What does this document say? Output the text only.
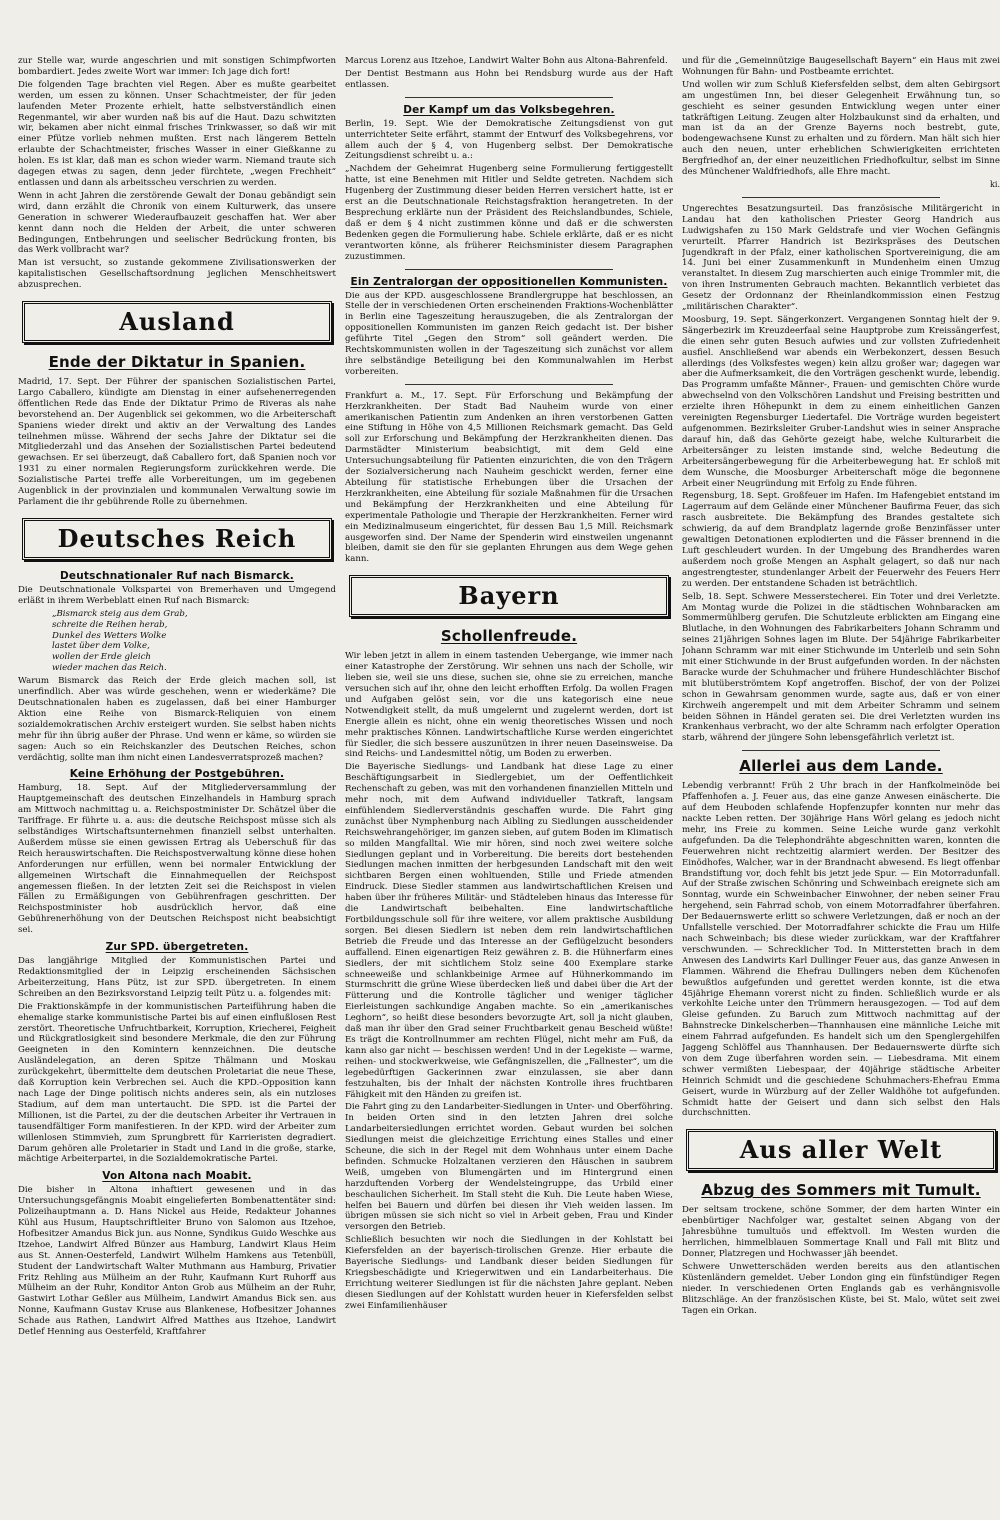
zur Stelle war, wurde angeschrien und mit sonstigen Schimpfworten bombardiert. Jedes zweite Wort war immer: Ich jage dich fort!

Die folgenden Tage brachten viel Regen. Aber es mußte gearbeitet werden, um essen zu können. Unser Schachtmeister, der für jeden laufenden Meter Prozente erhielt, hatte selbstverständlich einen Regenmantel, wir aber wurden naß bis auf die Haut. Dazu schwitzten wir, bekamen aber nicht einmal frisches Trinkwasser, so daß wir mit einer Pfütze vorlieb nehmen mußten. Erst nach längerem Betteln erlaubte der Schachtmeister, frisches Wasser in einer Gießkanne zu holen. Es ist klar, daß man es schon wieder warm. Niemand traute sich dagegen etwas zu sagen, denn jeder fürchtete, „wegen Frechheit“ entlassen und dann als arbeitsscheu verschrien zu werden.

Wenn in acht Jahren die zerstörende Gewalt der Donau gebändigt sein wird, dann erzählt die Chronik von einem Kulturwerk, das unsere Generation in schwerer Wiederaufbauzeit geschaffen hat. Wer aber kennt dann noch die Helden der Arbeit, die unter schweren Bedingungen, Entbehrungen und seelischer Bedrückung fronten, bis das Werk vollbracht war?

Man ist versucht, so zustande gekommene Zivilisationswerken der kapitalistischen Gesellschaftsordnung jeglichen Menschheitswert abzusprechen.

Ausland
Ende der Diktatur in Spanien.

Madrid, 17. Sept. Der Führer der spanischen Sozialistischen Partei, Largo Caballero, kündigte am Dienstag in einer aufsehenerregenden öffentlichen Rede das Ende der Diktatur Primo de Riveras als nahe bevorstehend an. Der Augenblick sei gekommen, wo die Arbeiterschaft Spaniens wieder direkt und aktiv an der Verwaltung des Landes teilnehmen müsse. Während der sechs Jahre der Diktatur sei die Mitgliederzahl und das Ansehen der Sozialistischen Partei bedeutend gewachsen. Er sei überzeugt, daß Caballero fort, daß Spanien noch vor 1931 zu einer normalen Regierungsform zurückkehren werde. Die Sozialistische Partei treffe alle Vorbereitungen, um im gegebenen Augenblick in der provinzialen und kommunalen Verwaltung sowie im Parlament die ihr gebührende Rolle zu übernehmen.

Deutsches Reich
Deutschnationaler Ruf nach Bismarck.

Die Deutschnationale Volkspartei von Bremerhaven und Umgegend erläßt in ihrem Werbeblatt einen Ruf nach Bismarck:

„Bismarck steig aus dem Grab,
schreite die Reihen herab,
Dunkel des Wetters Wolke
lastet über dem Volke,
wollen der Erde gleich
wieder machen das Reich.

Warum Bismarck das Reich der Erde gleich machen soll, ist unerfindlich. Aber was würde geschehen, wenn er wiederkäme? Die Deutschnationalen haben es zugelassen, daß bei einer Hamburger Aktion eine Reihe von Bismarck-Reliquien von einem sozialdemokratischen Archiv ersteigert wurden. Sie selbst haben nichts mehr für ihn übrig außer der Phrase. Und wenn er käme, so würden sie sagen: Auch so ein Reichskanzler des Deutschen Reiches, schon verdächtig, sollte man ihm nicht einen Landesverratsprozeß machen?

Keine Erhöhung der Postgebühren.

Hamburg, 18. Sept. Auf der Mitgliederversammlung der Hauptgemeinschaft des deutschen Einzelhandels in Hamburg sprach am Mittwoch nachmittag u. a. Reichspostminister Dr. Schätzel über die Tariffrage. Er führte u. a. aus: die deutsche Reichspost müsse sich als selbständiges Wirtschaftsunternehmen finanziell selbst unterhalten. Außerdem müsse sie einen gewissen Ertrag als Ueberschuß für das Reich herauswirtschaften. Die Reichspostverwaltung könne diese hohen Anforderungen nur erfüllen, wenn bei normaler Entwicklung der allgemeinen Wirtschaft die Einnahmequellen der Reichspost angemessen fließen. In der letzten Zeit sei die Reichspost in vielen Fällen zu Ermäßigungen von Gebührenfragen geschritten. Der Reichspostminister hob ausdrücklich hervor, daß eine Gebührenerhöhung von der Deutschen Reichspost nicht beabsichtigt sei.

Zur SPD. übergetreten.

Das langjährige Mitglied der Kommunistischen Partei und Redaktionsmitglied der in Leipzig erscheinenden Sächsischen Arbeiterzeitung, Hans Pütz, ist zur SPD. übergetreten. In einem Schreiben an den Bezirksvorstand Leipzig teilt Pütz u. a. folgendes mit:

Die Fraktionskämpfe in der kommunistischen Parteiführung haben die ehemalige starke kommunistische Partei bis auf einen einflußlosen Rest zerstört. Theoretische Unfruchtbarkeit, Korruption, Kriecherei, Feigheit und Rückgratlosigkeit sind besondere Merkmale, die den zur Führung Geeigneten in den Komintern kennzeichnen. Die deutsche Ausländelegation, an deren Spitze Thälmann und Moskau zurückgekehrt, übermittelte dem deutschen Proletariat die neue These, daß Korruption kein Verbrechen sei. Auch die KPD.-Opposition kann nach Lage der Dinge politisch nichts anderes sein, als ein nutzloses Stadium, auf dem man untertaucht. Die SPD. ist die Partei der Millionen, ist die Partei, zu der die deutschen Arbeiter ihr Vertrauen in tausendfältiger Form manifestieren. In der KPD. wird der Arbeiter zum willenlosen Stimmvieh, zum Sprungbrett für Karrieristen degradiert. Darum gehören alle Proletarier in Stadt und Land in die große, starke, mächtige Arbeiterpartei, in die Sozialdemokratische Partei.

Von Altona nach Moabit.

Die bisher in Altona inhaftiert gewesenen und in das Untersuchungsgefängnis Moabit eingelieferten Bombenattentäter sind: Polizeihauptmann a. D. Hans Nickel aus Heide, Redakteur Johannes Kühl aus Husum, Hauptschriftleiter Bruno von Salomon aus Itzehoe, Hofbesitzer Amandus Bick jun. aus Nonne, Syndikus Guido Weschke aus Itzehoe, Landwirt Alfred Bünzer aus Hamburg, Landwirt Klaus Heim aus St. Annen-Oesterfeld, Landwirt Wilhelm Hamkens aus Tetenbüll, Student der Landwirtschaft Walter Muthmann aus Hamburg, Privatier Fritz Rehling aus Mülheim an der Ruhr, Kaufmann Kurt Ruhorff aus Mülheim an der Ruhr, Konditor Anton Grob aus Mülheim an der Ruhr, Gastwirt Lothar Geßler aus Mülheim, Landwirt Amandus Bick sen. aus Nonne, Kaufmann Gustav Kruse aus Blankenese, Hofbesitzer Johannes Schade aus Rathen, Landwirt Alfred Matthes aus Itzehoe, Landwirt Detlef Henning aus Oesterfeld, Kraftfahrer

Marcus Lorenz aus Itzehoe, Landwirt Walter Bohn aus Altona-Bahrenfeld.

Der Dentist Bestmann aus Hohn bei Rendsburg wurde aus der Haft entlassen.

Der Kampf um das Volksbegehren.

Berlin, 19. Sept. Wie der Demokratische Zeitungsdienst von gut unterrichteter Seite erfährt, stammt der Entwurf des Volksbegehrens, vor allem auch der § 4, von Hugenberg selbst. Der Demokratische Zeitungsdienst schreibt u. a.:

„Nachdem der Geheimrat Hugenberg seine Formulierung fertiggestellt hatte, ist eine Benehmen mit Hitler und Seldte getreten. Nachdem sich Hugenberg der Zustimmung dieser beiden Herren versichert hatte, ist er erst an die Deutschnationale Reichstagsfraktion herangetreten. In der Besprechung erklärte nun der Präsident des Reichslandbundes, Schiele, daß er dem § 4 nicht zustimmen könne und daß er die schwersten Bedenken gegen die Formulierung habe. Schiele erklärte, daß er es nicht verantworten könne, als früherer Reichsminister diesem Paragraphen zuzustimmen.

Ein Zentralorgan der oppositionellen Kommunisten.

Die aus der KPD. ausgeschlossene Brandlergruppe hat beschlossen, an Stelle der in verschiedenen Orten erscheinenden Fraktions-Wochenblätter in Berlin eine Tageszeitung herauszugeben, die als Zentralorgan der oppositionellen Kommunisten im ganzen Reich gedacht ist. Der bisher geführte Titel „Gegen den Strom“ soll geändert werden. Die Rechtskommunisten wollen in der Tageszeitung sich zunächst vor allem ihre selbständige Beteiligung bei den Kommunalwahlen im Herbst vorbereiten.

Frankfurt a. M., 17. Sept. Für Erforschung und Bekämpfung der Herzkrankheiten. Der Stadt Bad Nauheim wurde von einer amerikanischen Patientin zum Andenken an ihren verstorbenen Gatten eine Stiftung in Höhe von 4,5 Millionen Reichsmark gemacht. Das Geld soll zur Erforschung und Bekämpfung der Herzkrankheiten dienen. Das Darmstädter Ministerium beabsichtigt, mit dem Geld eine Untersuchungsabteilung für Patienten einzurichten, die von den Trägern der Sozialversicherung nach Nauheim geschickt werden, ferner eine Abteilung für statistische Erhebungen über die Ursachen der Herzkrankheiten, eine Abteilung für soziale Maßnahmen für die Ursachen und Bekämpfung der Herzkrankheiten und eine Abteilung für experimentale Pathologie und Therapie der Herzkrankheiten. Ferner wird ein Medizinalmuseum eingerichtet, für dessen Bau 1,5 Mill. Reichsmark ausgeworfen sind. Der Name der Spenderin wird einstweilen ungenannt bleiben, damit sie den für sie geplanten Ehrungen aus dem Wege gehen kann.

Bayern
Schollenfreude.

Wir leben jetzt in allem in einem tastenden Uebergange, wie immer nach einer Katastrophe der Zerstörung. Wir sehnen uns nach der Scholle, wir lieben sie, weil sie uns diese, suchen sie, ohne sie zu erreichen, manche versuchen sich auf ihr, ohne den leicht erhofften Erfolg. Da wollen Fragen und Aufgaben gelöst sein, vor die uns kategorisch eine neue Notwendigkeit stellt, da muß umgelernt und zugelernt werden, dort ist Energie allein es nicht, ohne ein wenig theoretisches Wissen und noch mehr praktisches Können. Landwirtschaftliche Kurse werden eingerichtet für Siedler, die sich bessere auszunützen in ihrer neuen Daseinsweise. Da sind Reichs- und Landesmittel nötig, um Boden zu erwerben.

Die Bayerische Siedlungs- und Landbank hat diese Lage zu einer Beschäftigungsarbeit in Siedlergebiet, um der Oeffentlichkeit Rechenschaft zu geben, was mit den vorhandenen finanziellen Mitteln und mehr noch, mit dem Aufwand individueller Tatkraft, langsam einfühlendem Siedlerverständnis geschaffen wurde. Die Fahrt ging zunächst über Nymphenburg nach Aibling zu Siedlungen ausscheidender Reichswehrangehöriger, im ganzen sieben, auf gutem Boden im Klimatisch so milden Mangfalltal. Wie mir hören, sind noch zwei weitere solche Siedlungen geplant und in Vorbereitung. Die bereits dort bestehenden Siedlungen machen inmitten der herbgesunden Landschaft mit den weit sichtbaren Bergen einen wohltuenden, Stille und Friede atmenden Eindruck. Diese Siedler stammen aus landwirtschaftlichen Kreisen und haben über ihr früheres Militär- und Städteleben hinaus das Interesse für die Landwirtschaft beibehalten. Eine landwirtschaftliche Fortbildungsschule soll für ihre weitere, vor allem praktische Ausbildung sorgen. Bei diesen Siedlern ist neben dem rein landwirtschaftlichen Betrieb die Freude und das Interesse an der Geflügelzucht besonders auffallend. Einen eigenartigen Reiz gewähren z. B. die Hühnerfarm eines Siedlers, der mit sichtlichem Stolz seine 400 Exemplare starke schneeweiße und schlankbeinige Armee auf Hühnerkommando im Sturmschritt die grüne Wiese überdecken ließ und dabei über die Art der Fütterung und die Kontrolle täglicher und weniger täglicher Eierleistungen sachkundige Angaben machte. So ein „amerikanisches Leghorn“, so heißt diese besonders bevorzugte Art, soll ja nicht glauben, daß man ihr über den Grad seiner Fruchtbarkeit genau Bescheid wüßte! Es trägt die Kontrollnummer am rechten Flügel, nicht mehr am Fuß, da kann also gar nicht — beschissen werden! Und in der Legekiste — warme, reihen- und stockwerkweise, wie Gefängniszellen, die „Fallnester“, um die legebedürftigen Gackerinnen zwar einzulassen, sie aber dann festzuhalten, bis der Inhalt der nächsten Kontrolle ihres fruchtbaren Fähigkeit mit den Händen zu greifen ist.

Die Fahrt ging zu den Landarbeiter-Siedlungen in Unter- und Oberföhring. In beiden Orten sind in den letzten Jahren drei solche Landarbeitersiedlungen errichtet worden. Gebaut wurden bei solchen Siedlungen meist die gleichzeitige Errichtung eines Stalles und einer Scheune, die sich in der Regel mit dem Wohnhaus unter einem Dache befinden. Schmucke Holzaltanen verzieren den Häuschen in saubrem Weiß, umgeben von Blumengärten und im Hintergrund einen harzduftenden Vorberg der Wendelsteingruppe, das Urbild einer beschaulichen Sicherheit. Im Stall steht die Kuh. Die Leute haben Wiese, helfen bei Bauern und dürfen bei diesen ihr Vieh weiden lassen. Im übrigen müssen sie sich nicht so viel in Arbeit geben, Frau und Kinder versorgen den Betrieb.

Schließlich besuchten wir noch die Siedlungen in der Kohlstatt bei Kiefersfelden an der bayerisch-tirolischen Grenze. Hier erbaute die Bayerische Siedlungs- und Landbank dieser beiden Siedlungen für Kriegsbeschädigte und Kriegerwitwen und ein Landarbeiterhaus. Die Errichtung weiterer Siedlungen ist für die nächsten Jahre geplant. Neben diesen Siedlungen auf der Kohlstatt wurden heuer in Kiefersfelden selbst zwei Einfamilienhäuser

und für die „Gemeinnützige Baugesellschaft Bayern“ ein Haus mit zwei Wohnungen für Bahn- und Postbeamte errichtet.

Und wollen wir zum Schluß Kiefersfelden selbst, dem alten Gebirgsort am ungestümen Inn, bei dieser Gelegenheit Erwähnung tun, so geschieht es seiner gesunden Entwicklung wegen unter einer tatkräftigen Leitung. Zeugen alter Holzbaukunst sind da erhalten, und man ist da an der Grenze Bayerns noch bestrebt, gute, bodengewachsene Kunst zu erhalten und zu fördern. Man hält sich hier auch den neuen, unter erheblichen Schwierigkeiten errichteten Bergfriedhof an, der einer neuzeitlichen Friedhofkultur, selbst im Sinne des Münchener Waldfriedhofs, alle Ehre macht.

ki.

Ungerechtes Besatzungsurteil. Das französische Militärgericht in Landau hat den katholischen Priester Georg Handrich aus Ludwigshafen zu 150 Mark Geldstrafe und vier Wochen Gefängnis verurteilt. Pfarrer Handrich ist Bezirkspräses des Deutschen Jugendkraft in der Pfalz, einer katholischen Sportvereinigung, die am 14. Juni bei einer Zusammenkunft in Mundenheim einen Umzug veranstaltet. In diesem Zug marschierten auch einige Trommler mit, die von ihren Instrumenten Gebrauch machten. Bekanntlich verbietet das Gesetz der Ordonnanz der Rheinlandkommission einen Festzug „militärischen Charakter“.

Moosburg, 19. Sept. Sängerkonzert. Vergangenen Sonntag hielt der 9. Sängerbezirk im Kreuzdeerfaal seine Hauptprobe zum Kreissängerfest, die einen sehr guten Besuch aufwies und zur vollsten Zufriedenheit ausfiel. Anschließend war abends ein Werbekonzert, dessen Besuch allerdings (des Volksfestes wegen) kein allzu großer war; dagegen war aber die Aufmerksamkeit, die den Vorträgen geschenkt wurde, lebendig. Das Programm umfaßte Männer-, Frauen- und gemischten Chöre wurde abwechselnd von den Volkschören Landshut und Freising bestritten und erzielte ihren Höhepunkt in dem zu einem einheitlichen Ganzen vereinigten Regensburger Liedertafel. Die Vorträge wurden begeistert aufgenommen. Bezirksleiter Gruber-Landshut wies in seiner Ansprache darauf hin, daß das Gehörte gezeigt habe, welche Kulturarbeit die Arbeitersänger zu leisten imstande sind, welche Bedeutung die Arbeitersängerbewegung für die Arbeiterbewegung hat. Er schloß mit dem Wunsche, die Moosburger Arbeiterschaft möge die begonnene Arbeit einer Neugründung mit Erfolg zu Ende führen.

Regensburg, 18. Sept. Großfeuer im Hafen. Im Hafengebiet entstand im Lagerraum auf dem Gelände einer Münchener Baufirma Feuer, das sich rasch ausbreitete. Die Bekämpfung des Brandes gestaltete sich schwierig, da auf dem Brandplatz lagernde große Benzinfässer unter gewaltigen Detonationen explodierten und die Fässer brennend in die Luft geschleudert wurden. In der Umgebung des Brandherdes waren außerdem noch große Mengen an Asphalt gelagert, so daß nur nach angestrengtester, stundenlanger Arbeit der Feuerwehr des Feuers Herr zu werden. Der entstandene Schaden ist beträchtlich.

Selb, 18. Sept. Schwere Messerstecherei. Ein Toter und drei Verletzte. Am Montag wurde die Polizei in die städtischen Wohnbaracken am Sommermühlberg gerufen. Die Schutzleute erblickten am Eingang eine Blutlache, in den Wohnungen des Fabrikarbeiters Johann Schramm und seines 21jährigen Sohnes lagen im Blute. Der 54jährige Fabrikarbeiter Johann Schramm war mit einer Stichwunde im Unterleib und sein Sohn mit einer Stichwunde in der Brust aufgefunden worden. In der nächsten Baracke wurde der Schuhmacher und frühere Hundeschlächter Bischof mit blutüberströmtem Kopf angetroffen. Bischof, der von der Polizei schon in Gewahrsam genommen wurde, sagte aus, daß er von einer Kirchweih angerempelt und mit dem Arbeiter Schramm und seinem beiden Söhnen in Händel geraten sei. Die drei Verletzten wurden ins Krankenhaus verbracht, wo der alte Schramm nach erfolgter Operation starb, während der jüngere Sohn lebensgefährlich verletzt ist.

Allerlei aus dem Lande.

Lebendig verbrannt! Früh 2 Uhr brach in der Hanfkolmeinöde bei Pfaffenhofen a. J. Feuer aus, das eine ganze Anwesen einäscherte. Die auf dem Heuboden schlafende Hopfenzupfer konnten nur mehr das nackte Leben retten. Der 30jährige Hans Wörl gelang es jedoch nicht mehr, ins Freie zu kommen. Seine Leiche wurde ganz verkohlt aufgefunden. Da die Telephondrähte abgeschnitten waren, konnten die Feuerwehren nicht rechtzeitig alarmiert werden. Der Besitzer des Einödhofes, Walcher, war in der Brandnacht abwesend. Es liegt offenbar Brandstiftung vor, doch fehlt bis jetzt jede Spur. — Ein Motorradunfall. Auf der Straße zwischen Schönring und Schweinbach ereignete sich am Sonntag, wurde ein Schweinbacher Einwohner, der neben seiner Frau hergehend, sein Fahrrad schob, von einem Motorradfahrer überfahren. Der Bedauernswerte erlitt so schwere Verletzungen, daß er noch an der Unfallstelle verschied. Der Motorradfahrer schickte die Frau um Hilfe nach Schweinbach; bis diese wieder zurückkam, war der Kraftfahrer verschwunden. — Schrecklicher Tod. In Mitterstetten brach in dem Anwesen des Landwirts Karl Dullinger Feuer aus, das ganze Anwesen in Flammen. Während die Ehefrau Dullingers neben dem Küchenofen bewußtlos aufgefunden und gerettet werden konnte, ist die etwa 45jährige Ehemann vorerst nicht zu finden. Schließlich wurde er als verkohlte Leiche unter den Trümmern herausgezogen. — Tod auf dem Gleise gefunden. Zu Baruch zum Mittwoch nachmittag auf der Bahnstrecke Dinkelscherben—Thannhausen eine männliche Leiche mit einem Fahrrad aufgefunden. Es handelt sich um den Spenglergehilfen Jaggeng Schlöffel aus Thannhausen. Der Bedauernswerte dürfte sich von dem Zuge überfahren worden sein. — Liebesdrama. Mit einem schwer vermißten Liebespaar, der 40jährige städtische Arbeiter Heinrich Schmidt und die geschiedene Schuhmachers-Ehefrau Emma Geisert, wurde in Würzburg auf der Zeller Waldhöhe tot aufgefunden. Schmidt hatte der Geisert und dann sich selbst den Hals durchschnitten.

Aus aller Welt
Abzug des Sommers mit Tumult.

Der seltsam trockene, schöne Sommer, der dem harten Winter ein ebenbürtiger Nachfolger war, gestaltet seinen Abgang von der Jahresbühne tumultuös und effektvoll. Im Westen wurden die herrlichen, himmelblauen Sommertage Knall und Fall mit Blitz und Donner, Platzregen und Hochwasser jäh beendet.

Schwere Unwetterschäden werden bereits aus den atlantischen Küstenländern gemeldet. Ueber London ging ein fünfstündiger Regen nieder. In verschiedenen Orten Englands gab es verhängnisvolle Blitzschläge. An der französischen Küste, bei St. Malo, wütet seit zwei Tagen ein Orkan.
